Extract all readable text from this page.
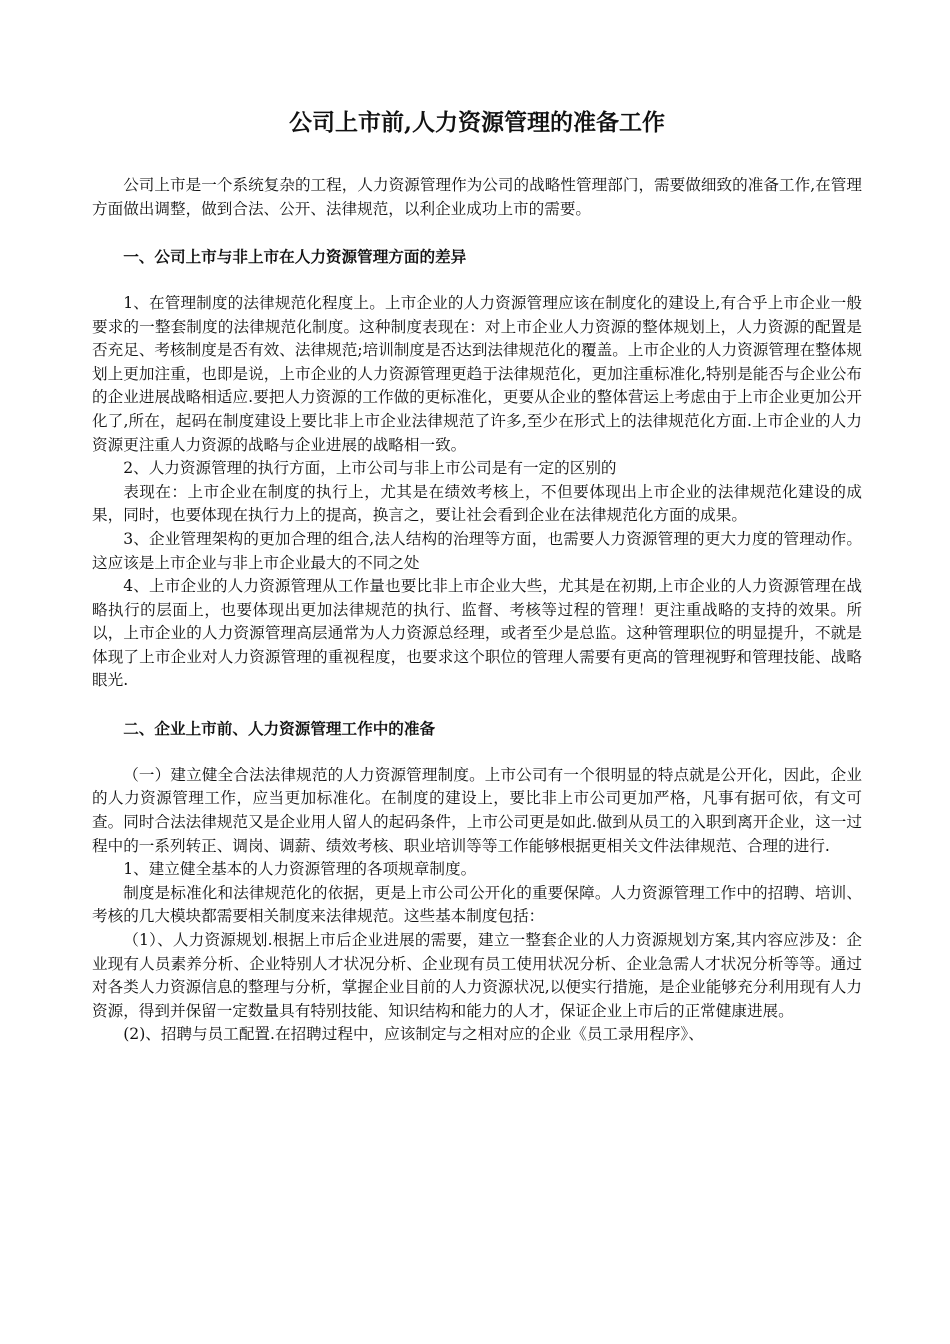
公司上市前,人力资源管理的准备工作

公司上市是一个系统复杂的工程，人力资源管理作为公司的战略性管理部门，需要做细致的准备工作,在管理方面做出调整，做到合法、公开、法律规范，以利企业成功上市的需要。

一、公司上市与非上市在人力资源管理方面的差异

1、在管理制度的法律规范化程度上。上市企业的人力资源管理应该在制度化的建设上,有合乎上市企业一般要求的一整套制度的法律规范化制度。这种制度表现在：对上市企业人力资源的整体规划上，人力资源的配置是否充足、考核制度是否有效、法律规范;培训制度是否达到法律规范化的覆盖。上市企业的人力资源管理在整体规划上更加注重，也即是说，上市企业的人力资源管理更趋于法律规范化，更加注重标准化,特别是能否与企业公布的企业进展战略相适应.要把人力资源的工作做的更标准化，更要从企业的整体营运上考虑由于上市企业更加公开化了,所在，起码在制度建设上要比非上市企业法律规范了许多,至少在形式上的法律规范化方面.上市企业的人力资源更注重人力资源的战略与企业进展的战略相一致。

2、人力资源管理的执行方面，上市公司与非上市公司是有一定的区别的

表现在：上市企业在制度的执行上，尤其是在绩效考核上，不但要体现出上市企业的法律规范化建设的成果，同时，也要体现在执行力上的提高，换言之，要让社会看到企业在法律规范化方面的成果。

3、企业管理架构的更加合理的组合,法人结构的治理等方面，也需要人力资源管理的更大力度的管理动作。这应该是上市企业与非上市企业最大的不同之处

4、上市企业的人力资源管理从工作量也要比非上市企业大些，尤其是在初期,上市企业的人力资源管理在战略执行的层面上，也要体现出更加法律规范的执行、监督、考核等过程的管理！更注重战略的支持的效果。所以，上市企业的人力资源管理高层通常为人力资源总经理，或者至少是总监。这种管理职位的明显提升，不就是体现了上市企业对人力资源管理的重视程度，也要求这个职位的管理人需要有更高的管理视野和管理技能、战略眼光.

二、企业上市前、人力资源管理工作中的准备

（一）建立健全合法法律规范的人力资源管理制度。上市公司有一个很明显的特点就是公开化，因此，企业的人力资源管理工作，应当更加标准化。在制度的建设上，要比非上市公司更加严格，凡事有据可依，有文可查。同时合法法律规范又是企业用人留人的起码条件，上市公司更是如此.做到从员工的入职到离开企业，这一过程中的一系列转正、调岗、调薪、绩效考核、职业培训等等工作能够根据更相关文件法律规范、合理的进行.

1、建立健全基本的人力资源管理的各项规章制度。

制度是标准化和法律规范化的依据，更是上市公司公开化的重要保障。人力资源管理工作中的招聘、培训、考核的几大模块都需要相关制度来法律规范。这些基本制度包括：

（1）、人力资源规划.根据上市后企业进展的需要，建立一整套企业的人力资源规划方案,其内容应涉及：企业现有人员素养分析、企业特别人才状况分析、企业现有员工使用状况分析、企业急需人才状况分析等等。通过对各类人力资源信息的整理与分析，掌握企业目前的人力资源状况,以便实行措施，是企业能够充分利用现有人力资源，得到并保留一定数量具有特别技能、知识结构和能力的人才，保证企业上市后的正常健康进展。

(2)、招聘与员工配置.在招聘过程中，应该制定与之相对应的企业《员工录用程序》、
